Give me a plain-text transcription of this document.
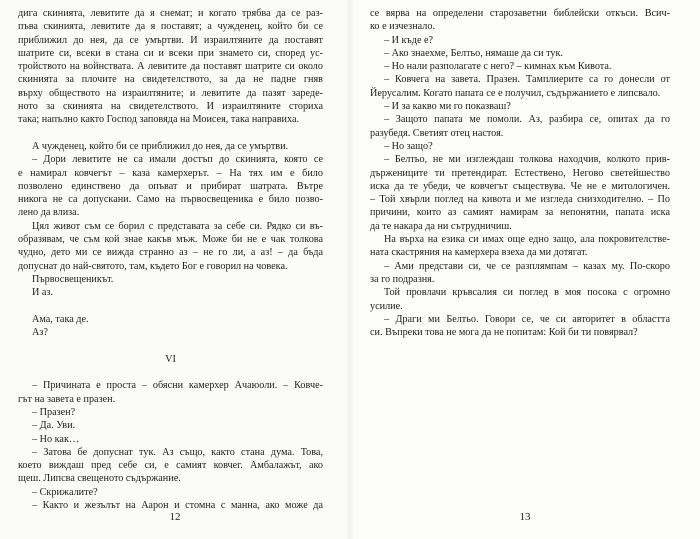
дига скинията, левитите да я снемат; и когато трябва да се раз-
пъва скинията, левитите да я поставят; а чужденец, който би се
приближил до нея, да се умъртви. И израилтяните да поставят
шатрите си, всеки в стана си и всеки при знамето си, според ус-
тройството на войнствата. А левитите да поставят шатрите си около
скинията за плочите на свидетелството, за да не падне гняв
върху обществото на израилтяните; и левитите да пазят зареде-
ното за скинията на свидетелството. И израилтяните сториха
така; напълно както Господ заповяда на Моисея, така направиха.
А чужденец, който би се приближил до нея, да се умъртви.
– Дори левитите не са имали достъп до скинията, която се
е намирал ковчегът – каза камерхерът. – На тях им е било
позволено единствено да опъват и прибират шатрата. Вътре
никога не са допускани. Само на първосвещеника е било позво-
лено да влиза.
Цял живот съм се борил с представата за себе си. Рядко си въ-
образявам, че съм кой знае какъв мъж. Може би не е чак толкова
чудно, дето ми се вижда странно аз – не го ли, а аз! – да бъда
допуснат до най-святото, там, където Бог е говорил на човека.
Първосвещеникът.
И аз.
Ама, така де.
Аз?
VI
– Причината е проста – обясни камерхер Ачаюоли. – Ковче-
гът на завета е празен.
– Празен?
– Да. Уви.
– Но как…
– Затова бе допуснат тук. Аз също, както стана дума. Това,
което виждаш пред себе си, е самият ковчег. Амбалажът, ако
щеш. Липсва свещеното съдържание.
– Скрижалите?
– Както и жезълът на Аарон и стомна с манна, ако може да
се вярва на определени старозаветни библейски откъси. Всич-
ко е изчезнало.
– И къде е?
– Ако знаехме, Белтьо, нямаше да си тук.
– Но нали разполагате с него? – кимнах към Кивота.
– Ковчега на завета. Празен. Тамплиерите са го донесли от
Йерусалим. Когато папата се е получил, съдържанието е липсвало.
– И за какво ми го показваш?
– Защото папата ме помоли. Аз, разбира се, опитах да го
разубедя. Светият отец настоя.
– Но защо?
– Белтьо, не ми изглеждаш толкова находчив, колкото прив-
държениците ти претендират. Естествено, Негово светейшество
иска да те убеди, че ковчегът съществува. Че не е митологичен.
– Той хвърли поглед на кивота и ме изгледа снизходително. – По
причини, които аз самият намирам за непонятни, папата иска
да те накара да ни сътрудничиш.
На върха на езика си имах още едно защо, ала покровителстве-
ната скастряния на камерхера взеха да ми дотягат.
– Ами представи си, че се разплямпам – казах му. По-скоро
за го подразня.
Той провлачи кръвсалия си поглед в моя посока с огромно
усилие.
– Драги ми Белтьо. Говори се, че си авторитет в областта
си. Въпреки това не мога да не попитам: Кой би ти повярвал?
12	13
